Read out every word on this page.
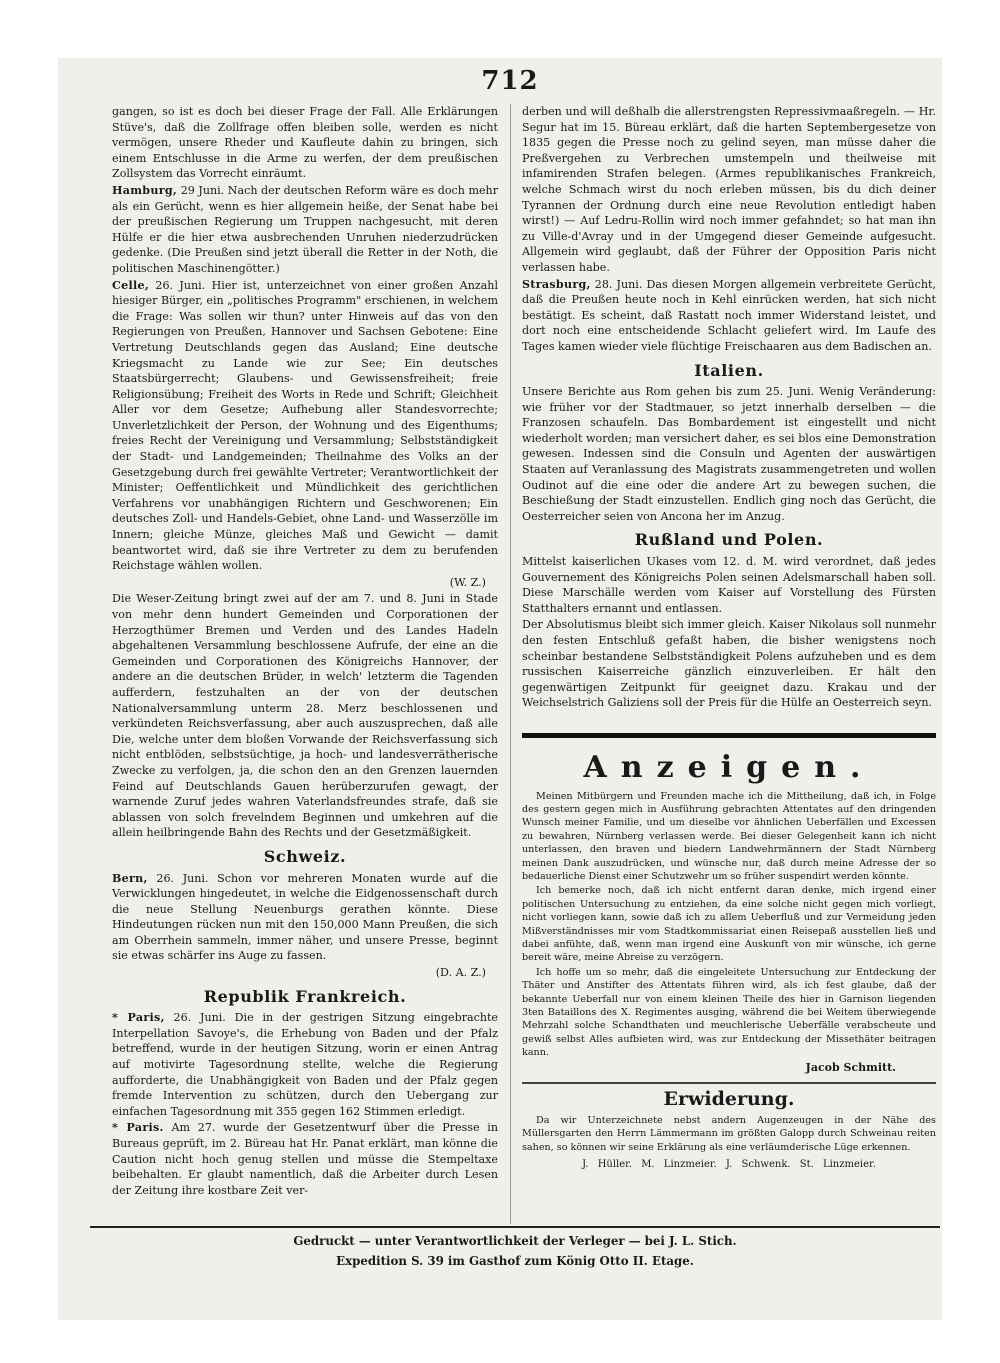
712

gangen, so ist es doch bei dieser Frage der Fall. Alle Erklärungen Stüve's, daß die Zollfrage offen bleiben solle, werden es nicht vermögen, unsere Rheder und Kaufleute dahin zu bringen, sich einem Entschlusse in die Arme zu werfen, der dem preußischen Zollsystem das Vorrecht einräumt.

Hamburg, 29 Juni. Nach der deutschen Reform wäre es doch mehr als ein Gerücht, wenn es hier allgemein heiße, der Senat habe bei der preußischen Regierung um Truppen nachgesucht, mit deren Hülfe er die hier etwa ausbrechenden Unruhen niederzudrücken gedenke. (Die Preußen sind jetzt überall die Retter in der Noth, die politischen Maschinengötter.)

Celle, 26. Juni. Hier ist, unterzeichnet von einer großen Anzahl hiesiger Bürger, ein „politisches Programm" erschienen, in welchem die Frage: Was sollen wir thun? unter Hinweis auf das von den Regierungen von Preußen, Hannover und Sachsen Gebotene: Eine Vertretung Deutschlands gegen das Ausland; Eine deutsche Kriegsmacht zu Lande wie zur See; Ein deutsches Staatsbürgerrecht; Glaubens- und Gewissensfreiheit; freie Religionsübung; Freiheit des Worts in Rede und Schrift; Gleichheit Aller vor dem Gesetze; Aufhebung aller Standesvorrechte; Unverletzlichkeit der Person, der Wohnung und des Eigenthums; freies Recht der Vereinigung und Versammlung; Selbstständigkeit der Stadt- und Landgemeinden; Theilnahme des Volks an der Gesetzgebung durch frei gewählte Vertreter; Verantwortlichkeit der Minister; Oeffentlichkeit und Mündlichkeit des gerichtlichen Verfahrens vor unabhängigen Richtern und Geschworenen; Ein deutsches Zoll- und Handels-Gebiet, ohne Land- und Wasserzölle im Innern; gleiche Münze, gleiches Maß und Gewicht — damit beantwortet wird, daß sie ihre Vertreter zu dem zu berufenden Reichstage wählen wollen.

(W. Z.)

Die Weser-Zeitung bringt zwei auf der am 7. und 8. Juni in Stade von mehr denn hundert Gemeinden und Corporationen der Herzogthümer Bremen und Verden und des Landes Hadeln abgehaltenen Versammlung beschlossene Aufrufe, der eine an die Gemeinden und Corporationen des Königreichs Hannover, der andere an die deutschen Brüder, in welch' letzterm die Tagenden aufferdern, festzuhalten an der von der deutschen Nationalversammlung unterm 28. Merz beschlossenen und verkündeten Reichsverfassung, aber auch auszusprechen, daß alle Die, welche unter dem bloßen Vorwande der Reichsverfassung sich nicht entblöden, selbstsüchtige, ja hoch- und landesverrätherische Zwecke zu verfolgen, ja, die schon den an den Grenzen lauernden Feind auf Deutschlands Gauen herüberzurufen gewagt, der warnende Zuruf jedes wahren Vaterlandsfreundes strafe, daß sie ablassen von solch frevelndem Beginnen und umkehren auf die allein heilbringende Bahn des Rechts und der Gesetzmäßigkeit.

Schweiz.

Bern, 26. Juni. Schon vor mehreren Monaten wurde auf die Verwicklungen hingedeutet, in welche die Eidgenossenschaft durch die neue Stellung Neuenburgs gerathen könnte. Diese Hindeutungen rücken nun mit den 150,000 Mann Preußen, die sich am Oberrhein sammeln, immer näher, und unsere Presse, beginnt sie etwas schärfer ins Auge zu fassen.

(D. A. Z.)

Republik Frankreich.

* Paris, 26. Juni. Die in der gestrigen Sitzung eingebrachte Interpellation Savoye's, die Erhebung von Baden und der Pfalz betreffend, wurde in der heutigen Sitzung, worin er einen Antrag auf motivirte Tagesordnung stellte, welche die Regierung aufforderte, die Unabhängigkeit von Baden und der Pfalz gegen fremde Intervention zu schützen, durch den Uebergang zur einfachen Tagesordnung mit 355 gegen 162 Stimmen erledigt.

* Paris. Am 27. wurde der Gesetzentwurf über die Presse in Bureaus geprüft, im 2. Büreau hat Hr. Panat erklärt, man könne die Caution nicht hoch genug stellen und müsse die Stempeltaxe beibehalten. Er glaubt namentlich, daß die Arbeiter durch Lesen der Zeitung ihre kostbare Zeit ver-

derben und will deßhalb die allerstrengsten Repressivmaaßregeln. — Hr. Segur hat im 15. Büreau erklärt, daß die harten Septembergesetze von 1835 gegen die Presse noch zu gelind seyen, man müsse daher die Preßvergehen zu Verbrechen umstempeln und theilweise mit infamirenden Strafen belegen. (Armes republikanisches Frankreich, welche Schmach wirst du noch erleben müssen, bis du dich deiner Tyrannen der Ordnung durch eine neue Revolution entledigt haben wirst!) — Auf Ledru-Rollin wird noch immer gefahndet; so hat man ihn zu Ville-d'Avray und in der Umgegend dieser Gemeinde aufgesucht. Allgemein wird geglaubt, daß der Führer der Opposition Paris nicht verlassen habe.

Strasburg, 28. Juni. Das diesen Morgen allgemein verbreitete Gerücht, daß die Preußen heute noch in Kehl einrücken werden, hat sich nicht bestätigt. Es scheint, daß Rastatt noch immer Widerstand leistet, und dort noch eine entscheidende Schlacht geliefert wird. Im Laufe des Tages kamen wieder viele flüchtige Freischaaren aus dem Badischen an.

Italien.

Unsere Berichte aus Rom gehen bis zum 25. Juni. Wenig Veränderung: wie früher vor der Stadtmauer, so jetzt innerhalb derselben — die Franzosen schaufeln. Das Bombardement ist eingestellt und nicht wiederholt worden; man versichert daher, es sei blos eine Demonstration gewesen. Indessen sind die Consuln und Agenten der auswärtigen Staaten auf Veranlassung des Magistrats zusammengetreten und wollen Oudinot auf die eine oder die andere Art zu bewegen suchen, die Beschießung der Stadt einzustellen. Endlich ging noch das Gerücht, die Oesterreicher seien von Ancona her im Anzug.

Rußland und Polen.

Mittelst kaiserlichen Ukases vom 12. d. M. wird verordnet, daß jedes Gouvernement des Königreichs Polen seinen Adelsmarschall haben soll. Diese Marschälle werden vom Kaiser auf Vorstellung des Fürsten Statthalters ernannt und entlassen.

Der Absolutismus bleibt sich immer gleich. Kaiser Nikolaus soll nunmehr den festen Entschluß gefaßt haben, die bisher wenigstens noch scheinbar bestandene Selbstständigkeit Polens aufzuheben und es dem russischen Kaiserreiche gänzlich einzuverleiben. Er hält den gegenwärtigen Zeitpunkt für geeignet dazu. Krakau und der Weichselstrich Galiziens soll der Preis für die Hülfe an Oesterreich seyn.

Anzeigen.

Meinen Mitbürgern und Freunden mache ich die Mittheilung, daß ich, in Folge des gestern gegen mich in Ausführung gebrachten Attentates auf den dringenden Wunsch meiner Familie, und um dieselbe vor ähnlichen Ueberfällen und Excessen zu bewahren, Nürnberg verlassen werde. Bei dieser Gelegenheit kann ich nicht unterlassen, den braven und biedern Landwehrmännern der Stadt Nürnberg meinen Dank auszudrücken, und wünsche nur, daß durch meine Adresse der so bedauerliche Dienst einer Schutzwehr um so früher suspendirt werden könnte.

Ich bemerke noch, daß ich nicht entfernt daran denke, mich irgend einer politischen Untersuchung zu entziehen, da eine solche nicht gegen mich vorliegt, nicht vorliegen kann, sowie daß ich zu allem Ueberfluß und zur Vermeidung jeden Mißverständnisses mir vom Stadtkommissariat einen Reisepaß ausstellen ließ und dabei anfühte, daß, wenn man irgend eine Auskunft von mir wünsche, ich gerne bereit wäre, meine Abreise zu verzögern.

Ich hoffe um so mehr, daß die eingeleitete Untersuchung zur Entdeckung der Thäter und Anstifter des Attentats führen wird, als ich fest glaube, daß der bekannte Ueberfall nur von einem kleinen Theile des hier in Garnison liegenden 3ten Bataillons des X. Regimentes ausging, während die bei Weitem überwiegende Mehrzahl solche Schandthaten und meuchlerische Ueberfälle verabscheute und gewiß selbst Alles aufbieten wird, was zur Entdeckung der Missethäter beitragen kann.

Jacob Schmitt.
Erwiderung.

Da wir Unterzeichnete nebst andern Augenzeugen in der Nähe des Müllersgarten den Herrn Lämmermann im größten Galopp durch Schweinau reiten sahen, so können wir seine Erklärung als eine verläumderische Lüge erkennen.

J. Hüller. M. Linzmeier. J. Schwenk. St. Linzmeier.
Gedruckt — unter Verantwortlichkeit der Verleger — bei J. L. Stich.
Expedition S. 39 im Gasthof zum König Otto II. Etage.
